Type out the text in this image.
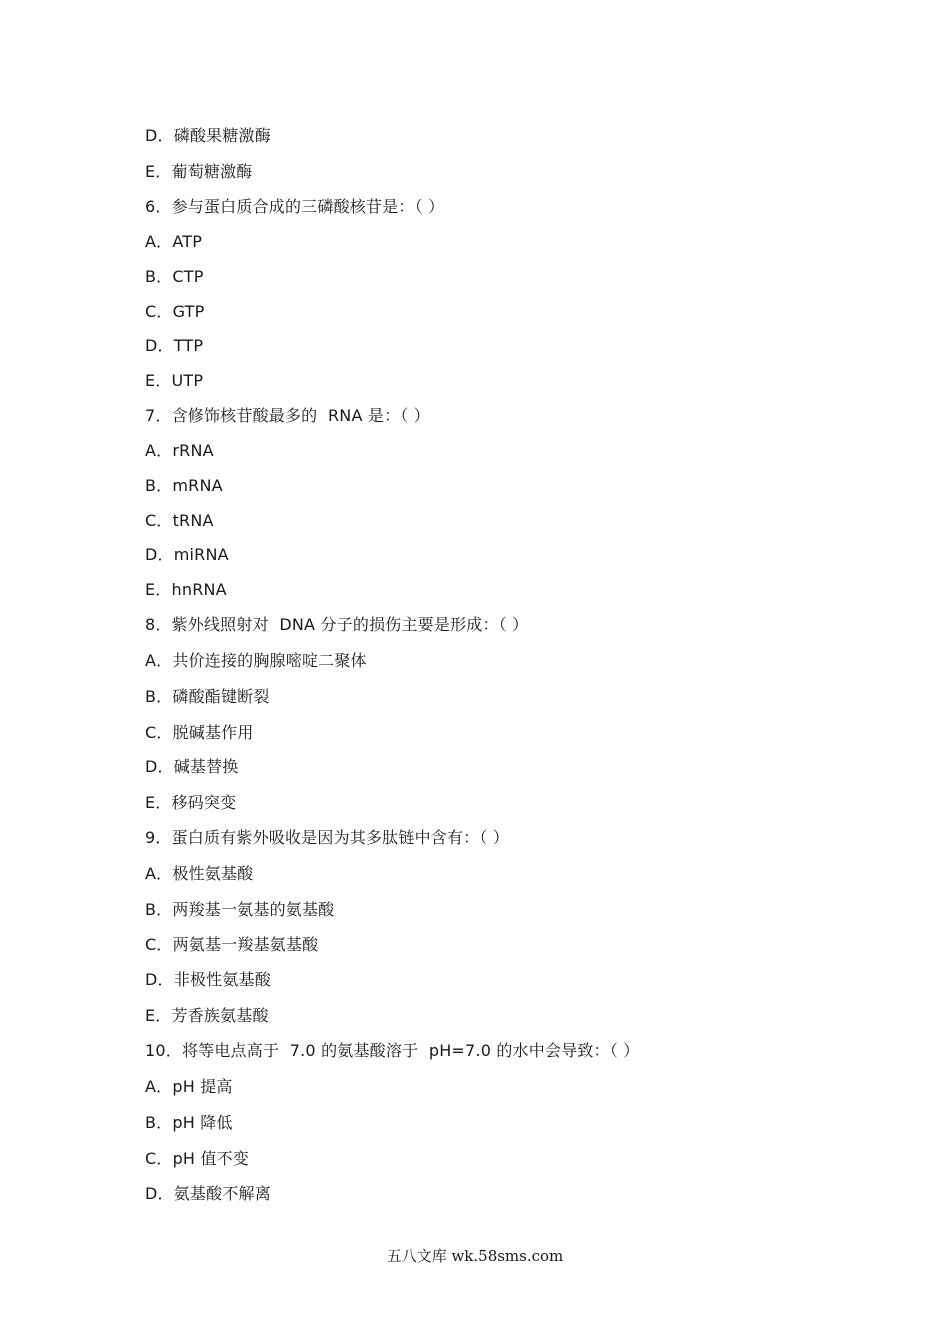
D．磷酸果糖激酶
E．葡萄糖激酶
6．参与蛋白质合成的三磷酸核苷是：（ ）
A．ATP
B．CTP
C．GTP
D．TTP
E．UTP
7．含修饰核苷酸最多的  RNA 是：（ ）
A．rRNA
B．mRNA
C．tRNA
D．miRNA
E．hnRNA
8．紫外线照射对  DNA 分子的损伤主要是形成：（ ）
A．共价连接的胸腺嘧啶二聚体
B．磷酸酯键断裂
C．脱碱基作用
D．碱基替换
E．移码突变
9．蛋白质有紫外吸收是因为其多肽链中含有：（ ）
A．极性氨基酸
B．两羧基一氨基的氨基酸
C．两氨基一羧基氨基酸
D．非极性氨基酸
E．芳香族氨基酸
10．将等电点高于  7.0 的氨基酸溶于  pH=7.0 的水中会导致：（ ）
A．pH 提高
B．pH 降低
C．pH 值不变
D．氨基酸不解离
五八文库 wk.58sms.com
